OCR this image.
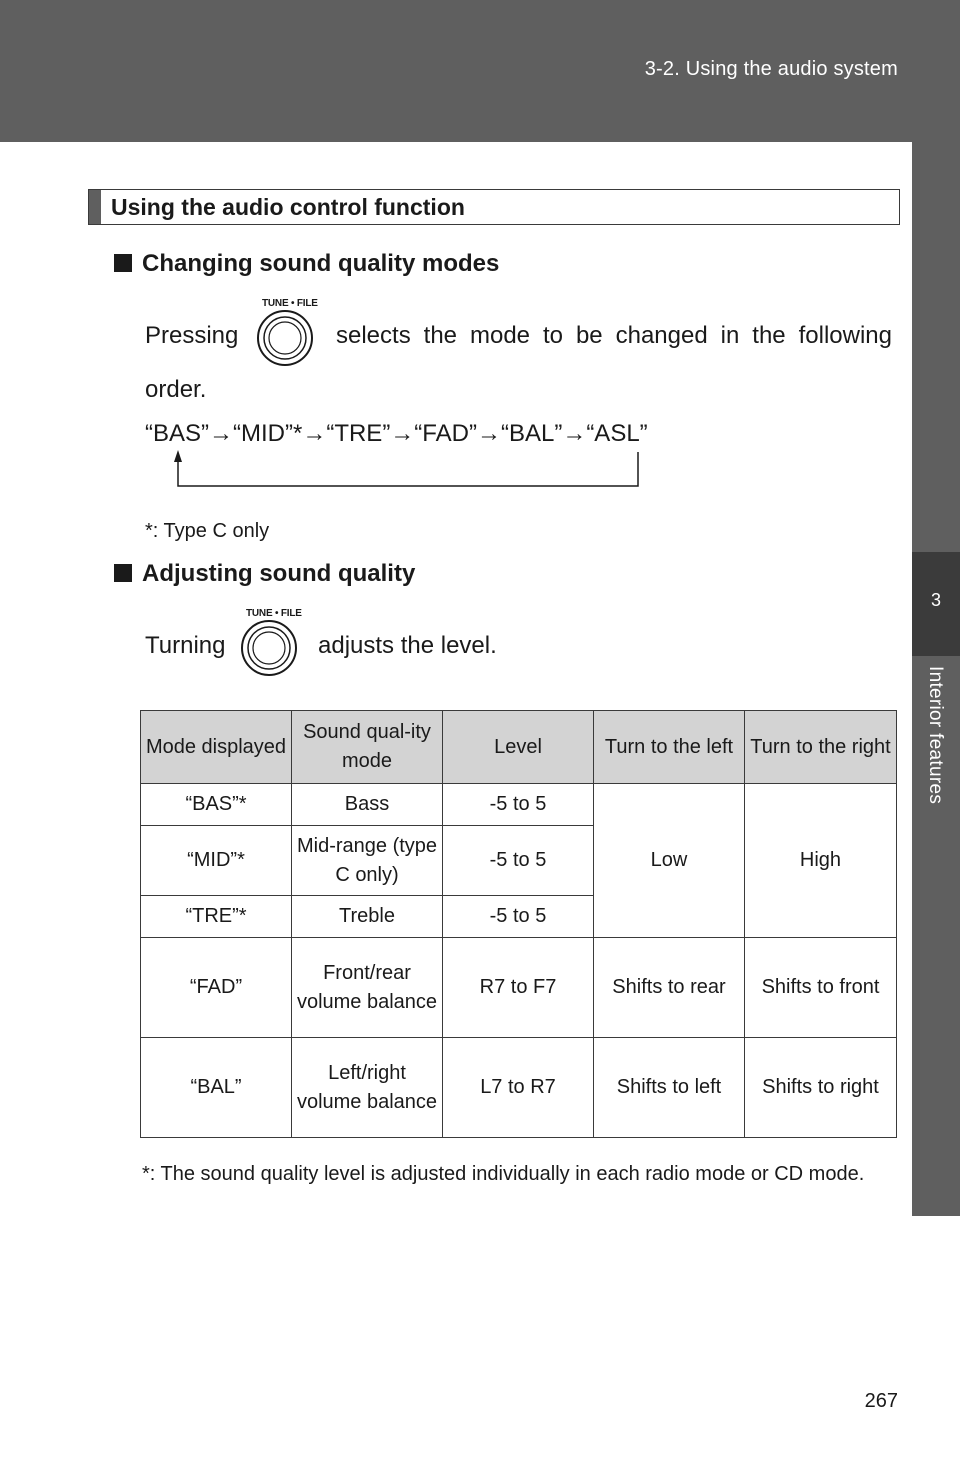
3-2. Using the audio system
3
Interior features
Using the audio control function
Changing sound quality modes
Pressing
TUNE • FILE
selects the mode to be changed in the following
order.
“BAS”→“MID”*→“TRE”→“FAD”→“BAL”→“ASL”
*: Type C only
Adjusting sound quality
Turning
TUNE • FILE
adjusts the level.
Mode displayed	Sound qual-ity mode	Level	Turn to the left	Turn to the right
“BAS”*	Bass	-5 to 5	Low	High
“MID”*	Mid-range (type C only)	-5 to 5		
“TRE”*	Treble	-5 to 5		
“FAD”	Front/rear volume balance	R7 to F7	Shifts to rear	Shifts to front
“BAL”	Left/right volume balance	L7 to R7	Shifts to left	Shifts to right
*: The sound quality level is adjusted individually in each radio mode or CD mode.
267
